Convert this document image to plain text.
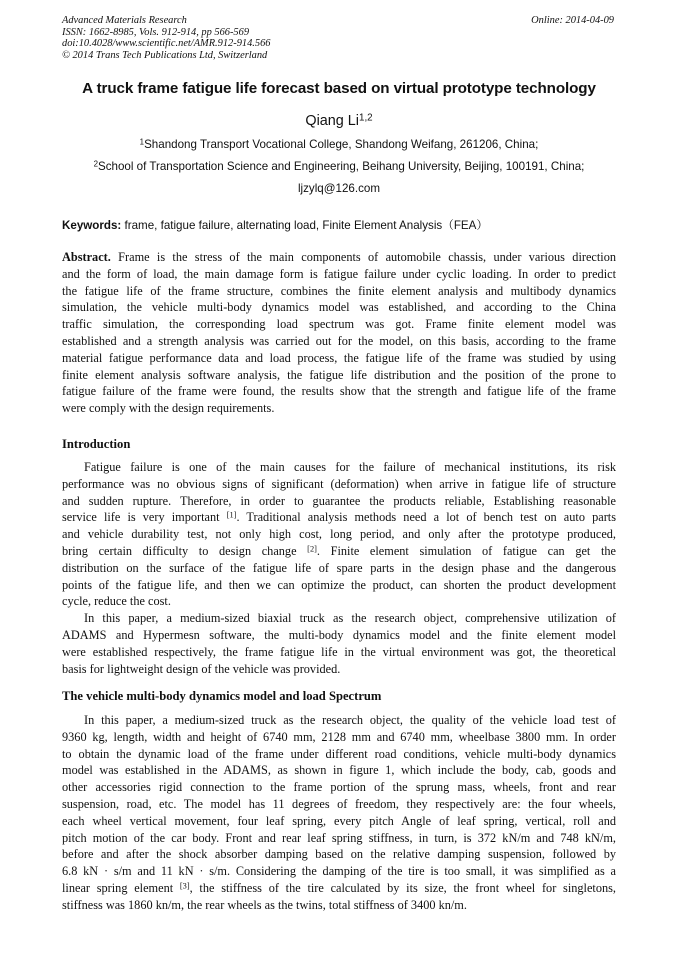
Advanced Materials Research
ISSN: 1662-8985, Vols. 912-914, pp 566-569
doi:10.4028/www.scientific.net/AMR.912-914.566
© 2014 Trans Tech Publications Ltd, Switzerland
Online: 2014-04-09
A truck frame fatigue life forecast based on virtual prototype technology
Qiang Li$^{1,2}$
$^1$Shandong Transport Vocational College, Shandong Weifang, 261206, China;
$^2$School of Transportation Science and Engineering, Beihang University, Beijing, 100191, China;
ljzylq@126.com
Keywords: frame, fatigue failure, alternating load, Finite Element Analysis（FEA）
Abstract. Frame is the stress of the main components of automobile chassis, under various direction
and the form of load, the main damage form is fatigue failure under cyclic loading. In order to predict
the fatigue life of the frame structure, combines the finite element analysis and multibody dynamics
simulation, the vehicle multi-body dynamics model was established, and according to the China
traffic simulation, the corresponding load spectrum was got. Frame finite element model was
established and a strength analysis was carried out for the model, on this basis, according to the frame
material fatigue performance data and load process, the fatigue life of the frame was studied by using
finite element analysis software analysis, the fatigue life distribution and the position of the prone to
fatigue failure of the frame were found, the results show that the strength and fatigue life of the frame
were comply with the design requirements.
Introduction
Fatigue failure is one of the main causes for the failure of mechanical institutions, its risk
performance was no obvious signs of significant (deformation) when arrive in fatigue life of structure
and sudden rupture. Therefore, in order to guarantee the products reliable, Establishing reasonable
service life is very important [1]. Traditional analysis methods need a lot of bench test on auto parts
and vehicle durability test, not only high cost, long period, and only after the prototype produced,
bring certain difficulty to design change [2]. Finite element simulation of fatigue can get the
distribution on the surface of the fatigue life of spare parts in the design phase and the dangerous
points of the fatigue life, and then we can optimize the product, can shorten the product development
cycle, reduce the cost.
In this paper, a medium-sized biaxial truck as the research object, comprehensive utilization of
ADAMS and Hypermesn software, the multi-body dynamics model and the finite element model
were established respectively, the frame fatigue life in the virtual environment was got, the theoretical
basis for lightweight design of the vehicle was provided.
The vehicle multi-body dynamics model and load Spectrum
In this paper, a medium-sized truck as the research object, the quality of the vehicle load test of
9360 kg, length, width and height of 6740 mm, 2128 mm and 6740 mm, wheelbase 3800 mm. In order
to obtain the dynamic load of the frame under different road conditions, vehicle multi-body dynamics
model was established in the ADAMS, as shown in figure 1, which include the body, cab, goods and
other accessories rigid connection to the frame portion of the sprung mass, wheels, front and rear
suspension, road, etc. The model has 11 degrees of freedom, they respectively are: the four wheels,
each wheel vertical movement, four leaf spring, every pitch Angle of leaf spring, vertical, roll and
pitch motion of the car body. Front and rear leaf spring stiffness, in turn, is 372 kN/m and 748 kN/m,
before and after the shock absorber damping based on the relative damping suspension, followed by
6.8 kN · s/m and 11 kN · s/m. Considering the damping of the tire is too small, it was simplified as a
linear spring element [3], the stiffness of the tire calculated by its size, the front wheel for singletons,
stiffness was 1860 kn/m, the rear wheels as the twins, total stiffness of 3400 kn/m.
